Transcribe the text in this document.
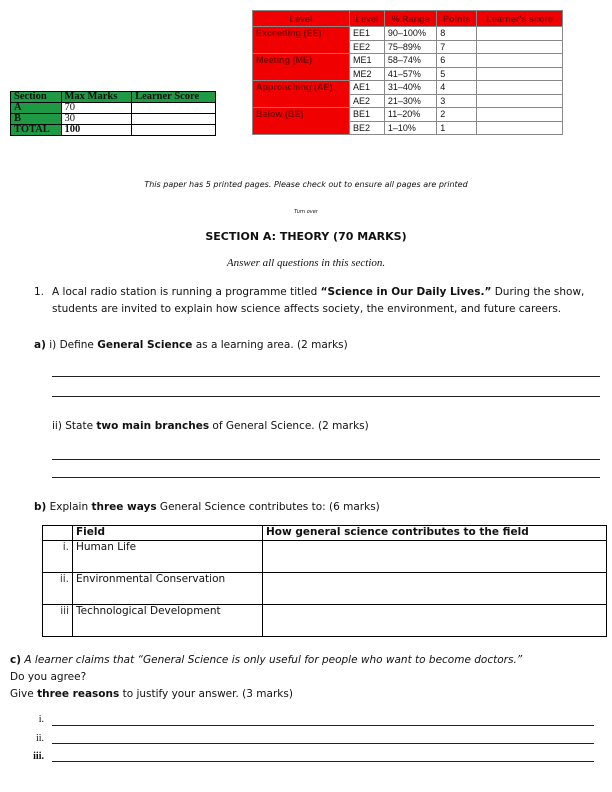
Level	Level	% Range	Points	Learner's score
Exceeding (EE)	EE1	90–100%	8	
	EE2	75–89%	7	
Meeting (ME)	ME1	58–74%	6	
	ME2	41–57%	5	
Approaching (AE)	AE1	31–40%	4	
	AE2	21–30%	3	
Below (BE)	BE1	11–20%	2	
	BE2	1–10%	1	
Section	Max Marks	Learner Score
A	70	
B	30	
TOTAL	100	
This paper has 5 printed pages. Please check out to ensure all pages are printed
Turn over
SECTION A: THEORY (70 MARKS)
Answer all questions in this section.
1. A local radio station is running a programme titled “Science in Our Daily Lives.” During the show, students are invited to explain how science affects society, the environment, and future careers.
a) i) Define General Science as a learning area. (2 marks)
ii) State two main branches of General Science. (2 marks)
b) Explain three ways General Science contributes to: (6 marks)
	Field	How general science contributes to the field
i.	Human Life	
ii.	Environmental Conservation	
iii	Technological Development	
c) A learner claims that “General Science is only useful for people who want to become doctors.”
Do you agree?
Give three reasons to justify your answer. (3 marks)
i.
ii.
iii.
